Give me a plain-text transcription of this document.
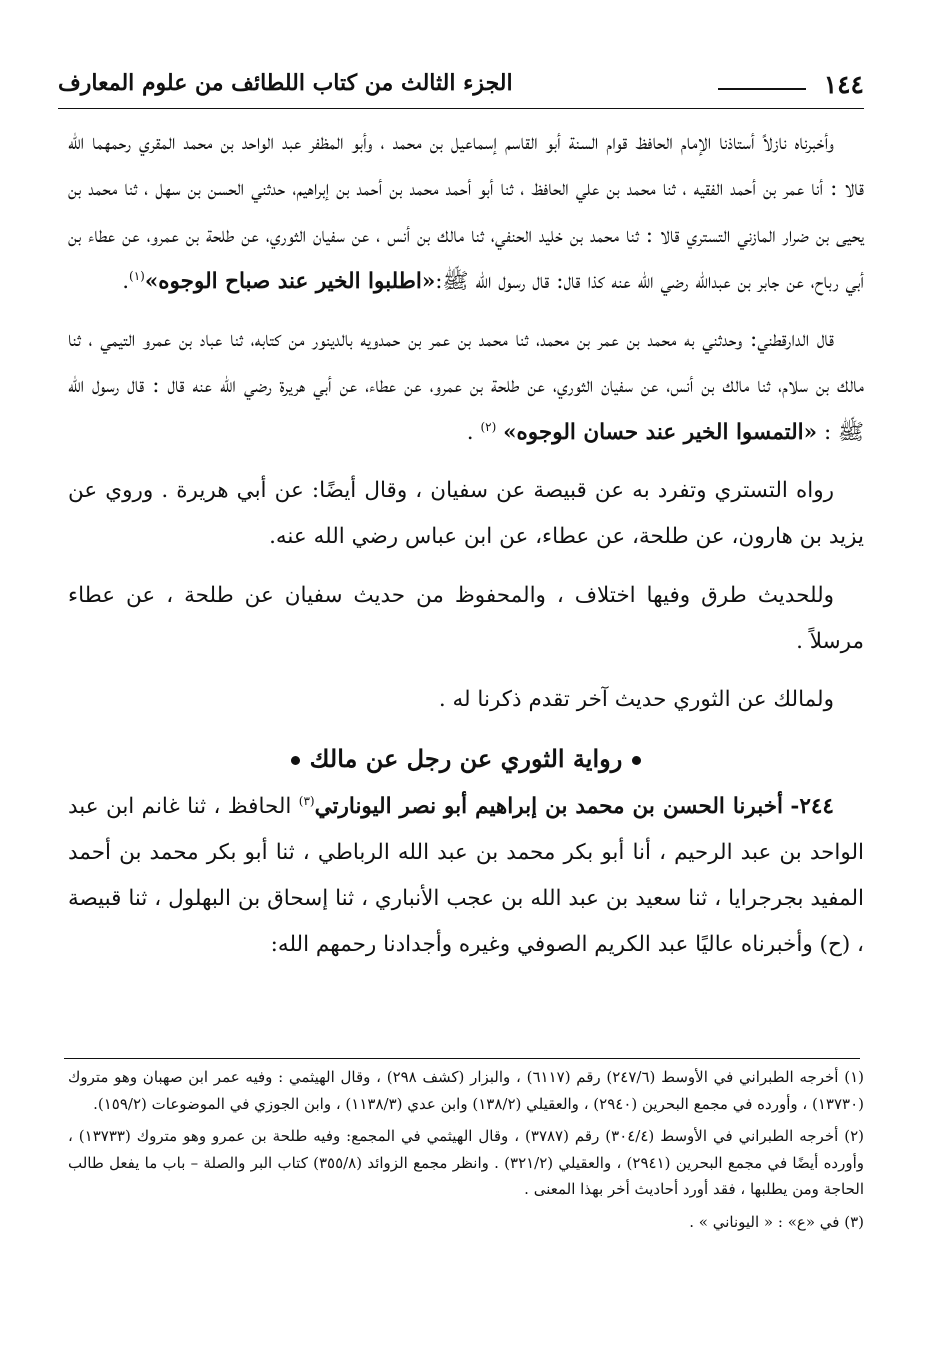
١٤٤
الجزء الثالث من كتاب اللطائف من علوم المعارف

وأخبرناه نازلاً أستاذنا الإمام الحافظ قوام السنة أبو القاسم إسماعيل بن محمد ، وأبو المظفر عبد الواحد بن محمد المقري رحمهما الله قالا : أنا عمر بن أحمد الفقيه ، ثنا محمد بن علي الحافظ ، ثنا أبو أحمد محمد بن أحمد بن إبراهيم، حدثني الحسن بن سهل ، ثنا محمد بن يحيى بن ضرار المازني التستري قالا : ثنا محمد بن خليد الحنفي، ثنا مالك بن أنس ، عن سفيان الثوري، عن طلحة بن عمرو، عن عطاء بن أبي رباح، عن جابر بن عبدالله رضي الله عنه كذا قال: قال رسول الله ﷺ:«اطلبوا الخير عند صباح الوجوه»$^{(١)}$.

قال الدارقطني: وحدثني به محمد بن عمر بن محمد، ثنا محمد بن عمر بن حمدويه بالدينور من كتابه، ثنا عباد بن عمرو التيمي ، ثنا مالك بن سلام، ثنا مالك بن أنس، عن سفيان الثوري، عن طلحة بن عمرو، عن عطاء، عن أبي هريرة رضي الله عنه قال : قال رسول الله ﷺ : «التمسوا الخير عند حسان الوجوه» $^{(٢)}$ .

رواه التستري وتفرد به عن قبيصة عن سفيان ، وقال أيضًا: عن أبي هريرة . وروي عن يزيد بن هارون، عن طلحة، عن عطاء، عن ابن عباس رضي الله عنه.

وللحديث طرق وفيها اختلاف ، والمحفوظ من حديث سفيان عن طلحة ، عن عطاء مرسلاً .

ولمالك عن الثوري حديث آخر تقدم ذكرنا له .

رواية الثوري عن رجل عن مالك

٢٤٤- أخبرنا الحسن بن محمد بن إبراهيم أبو نصر اليونارتي$^{(٣)}$ الحافظ ، ثنا غانم ابن عبد الواحد بن عبد الرحيم ، أنا أبو بكر محمد بن عبد الله الرباطي ، ثنا أبو بكر محمد بن أحمد المفيد بجرجرايا ، ثنا سعيد بن عبد الله بن عجب الأنباري ، ثنا إسحاق بن البهلول ، ثنا قبيصة ، (ح) وأخبرناه عاليًا عبد الكريم الصوفي وغيره وأجدادنا رحمهم الله:

(١) أخرجه الطبراني في الأوسط (٢٤٧/٦) رقم (٦١١٧) ، والبزار (كشف ٢٩٨) ، وقال الهيثمي : وفيه عمر ابن صهبان وهو متروك (١٣٧٣٠) ، وأورده في مجمع البحرين (٢٩٤٠) ، والعقيلي (١٣٨/٢) وابن عدي (١١٣٨/٣) ، وابن الجوزي في الموضوعات (١٥٩/٢).

(٢) أخرجه الطبراني في الأوسط (٣٠٤/٤) رقم (٣٧٨٧) ، وقال الهيثمي في المجمع: وفيه طلحة بن عمرو وهو متروك (١٣٧٣٣) ، وأورده أيضًا في مجمع البحرين (٢٩٤١) ، والعقيلي (٣٢١/٢) . وانظر مجمع الزوائد (٣٥٥/٨) كتاب البر والصلة – باب ما يفعل طالب الحاجة ومن يطلبها ، فقد أورد أحاديث أخر بهذا المعنى .

(٣) في «ع» : « اليوناني » .
